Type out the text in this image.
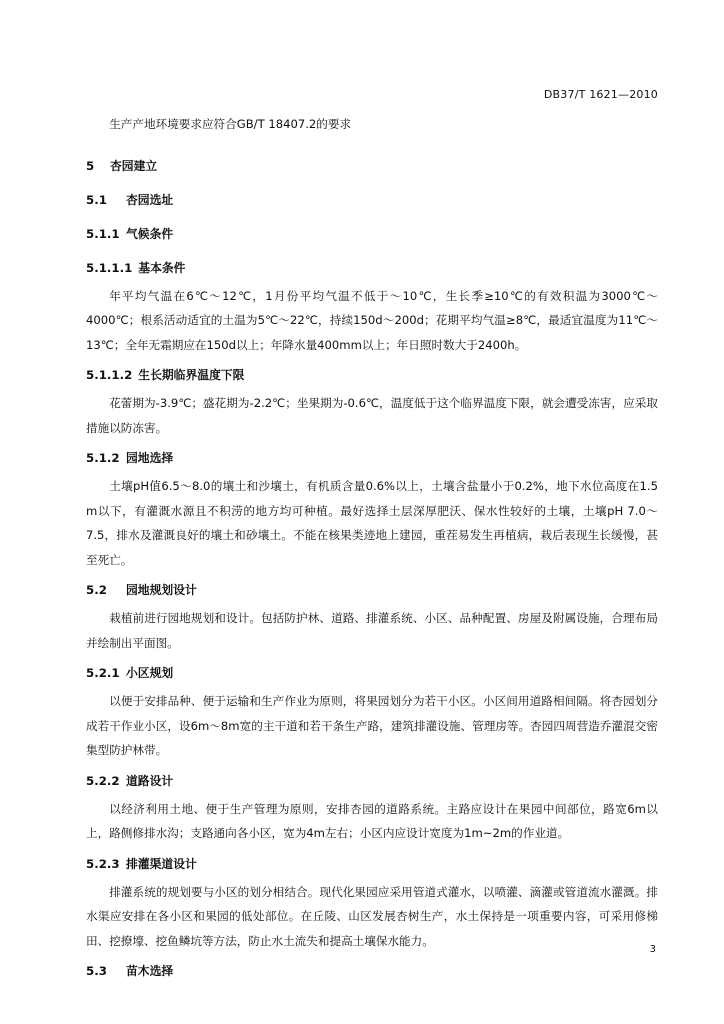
DB37/T 1621—2010

生产产地环境要求应符合GB/T 18407.2的要求

5 杏园建立
5.1 杏园选址
5.1.1 气候条件
5.1.1.1 基本条件

年平均气温在6℃～12℃，1月份平均气温不低于～10℃，生长季≥10℃的有效积温为3000℃～4000℃；根系活动适宜的土温为5℃～22℃，持续150d～200d；花期平均气温≥8℃，最适宜温度为11℃～13℃；全年无霜期应在150d以上；年降水量400mm以上；年日照时数大于2400h。

5.1.1.2 生长期临界温度下限

花蕾期为-3.9℃；盛花期为-2.2℃；坐果期为-0.6℃，温度低于这个临界温度下限，就会遭受冻害，应采取措施以防冻害。

5.1.2 园地选择

土壤pH值6.5～8.0的壤土和沙壤土，有机质含量0.6%以上，土壤含盐量小于0.2%，地下水位高度在1.5 m以下，有灌溉水源且不积涝的地方均可种植。最好选择土层深厚肥沃、保水性较好的土壤，土壤pH 7.0～7.5，排水及灌溉良好的壤土和砂壤土。不能在核果类迹地上建园，重茬易发生再植病，栽后表现生长缓慢，甚至死亡。

5.2 园地规划设计

栽植前进行园地规划和设计。包括防护林、道路、排灌系统、小区、品种配置、房屋及附属设施，合理布局并绘制出平面图。

5.2.1 小区规划

以便于安排品种、便于运输和生产作业为原则，将果园划分为若干小区。小区间用道路相间隔。将杏园划分成若干作业小区，设6m～8m宽的主干道和若干条生产路，建筑排灌设施、管理房等。杏园四周营造乔灌混交密集型防护林带。

5.2.2 道路设计

以经济利用土地、便于生产管理为原则，安排杏园的道路系统。主路应设计在果园中间部位，路宽6m以上，路侧修排水沟；支路通向各小区，宽为4m左右；小区内应设计宽度为1m~2m的作业道。

5.2.3 排灌渠道设计

排灌系统的规划要与小区的划分相结合。现代化果园应采用管道式灌水，以喷灌、滴灌或管道流水灌溉。排水渠应安排在各小区和果园的低处部位。在丘陵、山区发展杏树生产，水土保持是一项重要内容，可采用修梯田、挖撩壕、挖鱼鳞坑等方法，防止水土流失和提高土壤保水能力。

5.3 苗木选择
3
